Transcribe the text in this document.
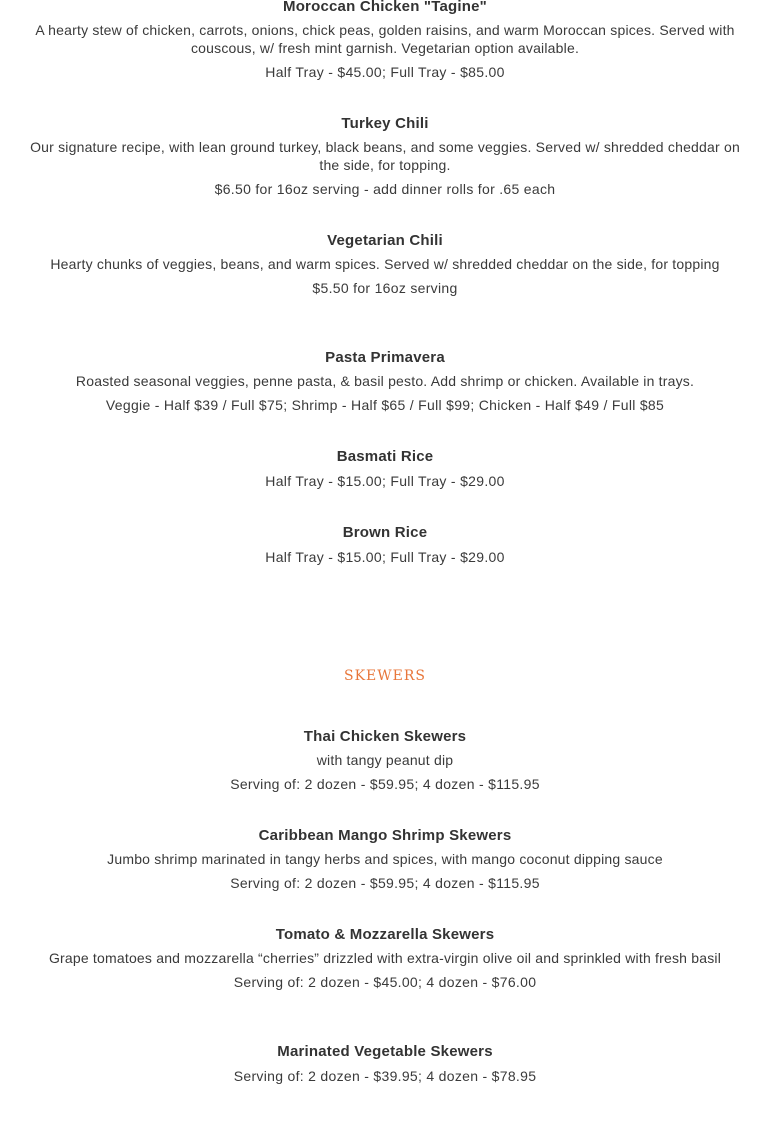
Moroccan Chicken "Tagine"
A hearty stew of chicken, carrots, onions, chick peas, golden raisins, and warm Moroccan spices. Served with couscous, w/ fresh mint garnish. Vegetarian option available.
Half Tray - $45.00; Full Tray - $85.00
Turkey Chili
Our signature recipe, with lean ground turkey, black beans, and some veggies. Served w/ shredded cheddar on the side, for topping.
$6.50 for 16oz serving - add dinner rolls for .65 each
Vegetarian Chili
Hearty chunks of veggies, beans, and warm spices. Served w/ shredded cheddar on the side, for topping
$5.50 for 16oz serving
Pasta Primavera
Roasted seasonal veggies, penne pasta, & basil pesto. Add shrimp or chicken. Available in trays.
Veggie - Half $39 / Full $75; Shrimp - Half $65 / Full $99; Chicken - Half $49 / Full $85
Basmati Rice
Half Tray - $15.00; Full Tray - $29.00
Brown Rice
Half Tray - $15.00; Full Tray - $29.00
SKEWERS
Thai Chicken Skewers
with tangy peanut dip
Serving of: 2 dozen - $59.95; 4 dozen - $115.95
Caribbean Mango Shrimp Skewers
Jumbo shrimp marinated in tangy herbs and spices, with mango coconut dipping sauce
Serving of: 2 dozen - $59.95; 4 dozen - $115.95
Tomato & Mozzarella Skewers
Grape tomatoes and mozzarella “cherries” drizzled with extra-virgin olive oil and sprinkled with fresh basil
Serving of: 2 dozen - $45.00; 4 dozen - $76.00
Marinated Vegetable Skewers
Serving of: 2 dozen - $39.95; 4 dozen - $78.95
